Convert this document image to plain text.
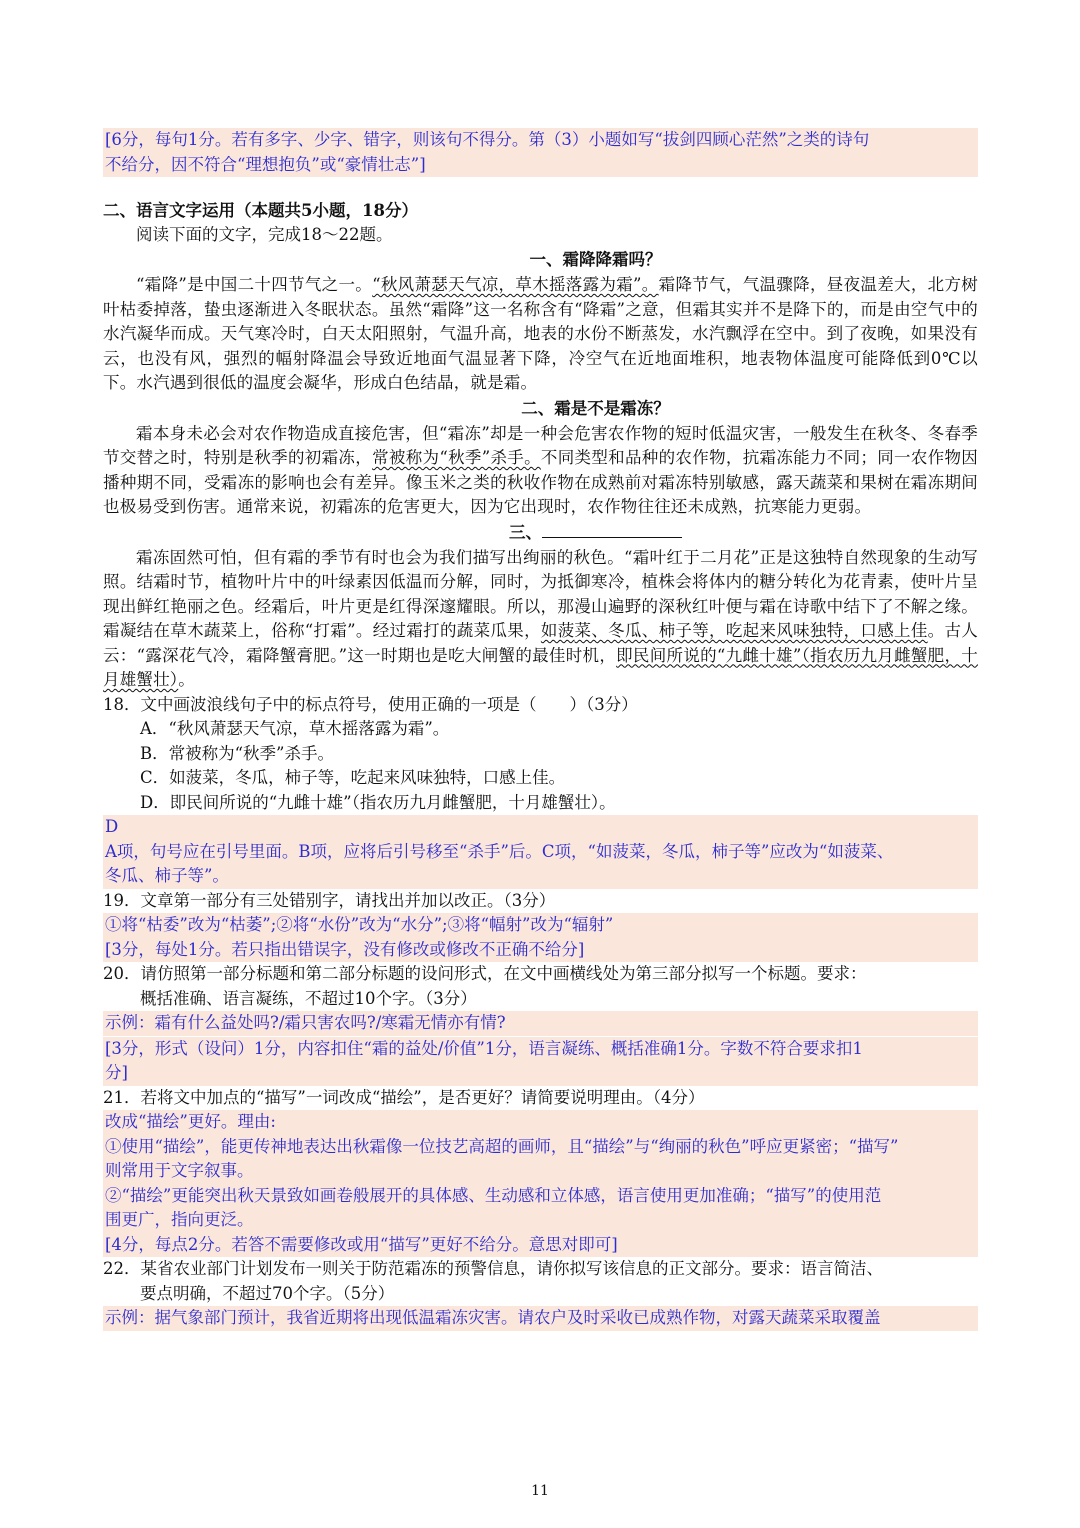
[6分，每句1分。若有多字、少字、错字，则该句不得分。第（3）小题如写“拔剑四顾心茫然”之类的诗句
不给分，因不符合“理想抱负”或“豪情壮志”]
二、语言文字运用（本题共5小题，18分）
阅读下面的文字，完成18～22题。
一、霜降降霜吗？
“霜降”是中国二十四节气之一。“秋风萧瑟天气凉，草木摇落露为霜”。霜降节气，气温骤降，昼夜温差大，北方树叶枯委掉落，蛰虫逐渐进入冬眠状态。虽然“霜降”这一名称含有“降霜”之意，但霜其实并不是降下的，而是由空气中的水汽凝华而成。天气寒冷时，白天太阳照射，气温升高，地表的水份不断蒸发，水汽飘浮在空中。到了夜晚，如果没有云，也没有风，强烈的幅射降温会导致近地面气温显著下降，冷空气在近地面堆积，地表物体温度可能降低到0℃以下。水汽遇到很低的温度会凝华，形成白色结晶，就是霜。
二、霜是不是霜冻？
霜本身未必会对农作物造成直接危害，但“霜冻”却是一种会危害农作物的短时低温灾害，一般发生在秋冬、冬春季节交替之时，特别是秋季的初霜冻，常被称为“秋季”杀手。不同类型和品种的农作物，抗霜冻能力不同；同一农作物因播种期不同，受霜冻的影响也会有差异。像玉米之类的秋收作物在成熟前对霜冻特别敏感，露天蔬菜和果树在霜冻期间也极易受到伤害。通常来说，初霜冻的危害更大，因为它出现时，农作物往往还未成熟，抗寒能力更弱。
三、
霜冻固然可怕，但有霜的季节有时也会为我们描写出绚丽的秋色。“霜叶红于二月花”正是这独特自然现象的生动写照。结霜时节，植物叶片中的叶绿素因低温而分解，同时，为抵御寒冷，植株会将体内的糖分转化为花青素，使叶片呈现出鲜红艳丽之色。经霜后，叶片更是红得深邃耀眼。所以，那漫山遍野的深秋红叶便与霜在诗歌中结下了不解之缘。霜凝结在草木蔬菜上，俗称“打霜”。经过霜打的蔬菜瓜果，如菠菜、冬瓜、柿子等，吃起来风味独特，口感上佳。古人云：“露深花气冷，霜降蟹膏肥。”这一时期也是吃大闸蟹的最佳时机，即民间所说的“九雌十雄”（指农历九月雌蟹肥，十月雄蟹壮）。
18．文中画波浪线句子中的标点符号，使用正确的一项是（　　）（3分）
A．“秋风萧瑟天气凉，草木摇落露为霜”。
B．常被称为“秋季”杀手。
C．如菠菜，冬瓜，柿子等，吃起来风味独特，口感上佳。
D．即民间所说的“九雌十雄”（指农历九月雌蟹肥，十月雄蟹壮）。
D
A项，句号应在引号里面。B项，应将后引号移至“杀手”后。C项，“如菠菜，冬瓜，柿子等”应改为“如菠菜、
冬瓜、柿子等”。
19．文章第一部分有三处错别字，请找出并加以改正。（3分）
①将“枯委”改为“枯萎”;②将“水份”改为“水分”;③将“幅射”改为“辐射”
[3分，每处1分。若只指出错误字，没有修改或修改不正确不给分]
20．请仿照第一部分标题和第二部分标题的设问形式，在文中画横线处为第三部分拟写一个标题。要求：
概括准确、语言凝练，不超过10个字。（3分）
示例：霜有什么益处吗?/霜只害农吗?/寒霜无情亦有情?
[3分，形式（设问）1分，内容扣住“霜的益处/价值”1分，语言凝练、概括准确1分。字数不符合要求扣1
分]
21．若将文中加点的“描写”一词改成“描绘”，是否更好？请简要说明理由。（4分）
改成“描绘”更好。理由:
①使用“描绘”，能更传神地表达出秋霜像一位技艺高超的画师，且“描绘”与“绚丽的秋色”呼应更紧密；“描写”
则常用于文字叙事。
②“描绘”更能突出秋天景致如画卷般展开的具体感、生动感和立体感，语言使用更加准确；“描写”的使用范
围更广，指向更泛。
[4分，每点2分。若答不需要修改或用“描写”更好不给分。意思对即可]
22．某省农业部门计划发布一则关于防范霜冻的预警信息，请你拟写该信息的正文部分。要求：语言简洁、
要点明确，不超过70个字。（5分）
示例：据气象部门预计，我省近期将出现低温霜冻灾害。请农户及时采收已成熟作物，对露天蔬菜采取覆盖
11
